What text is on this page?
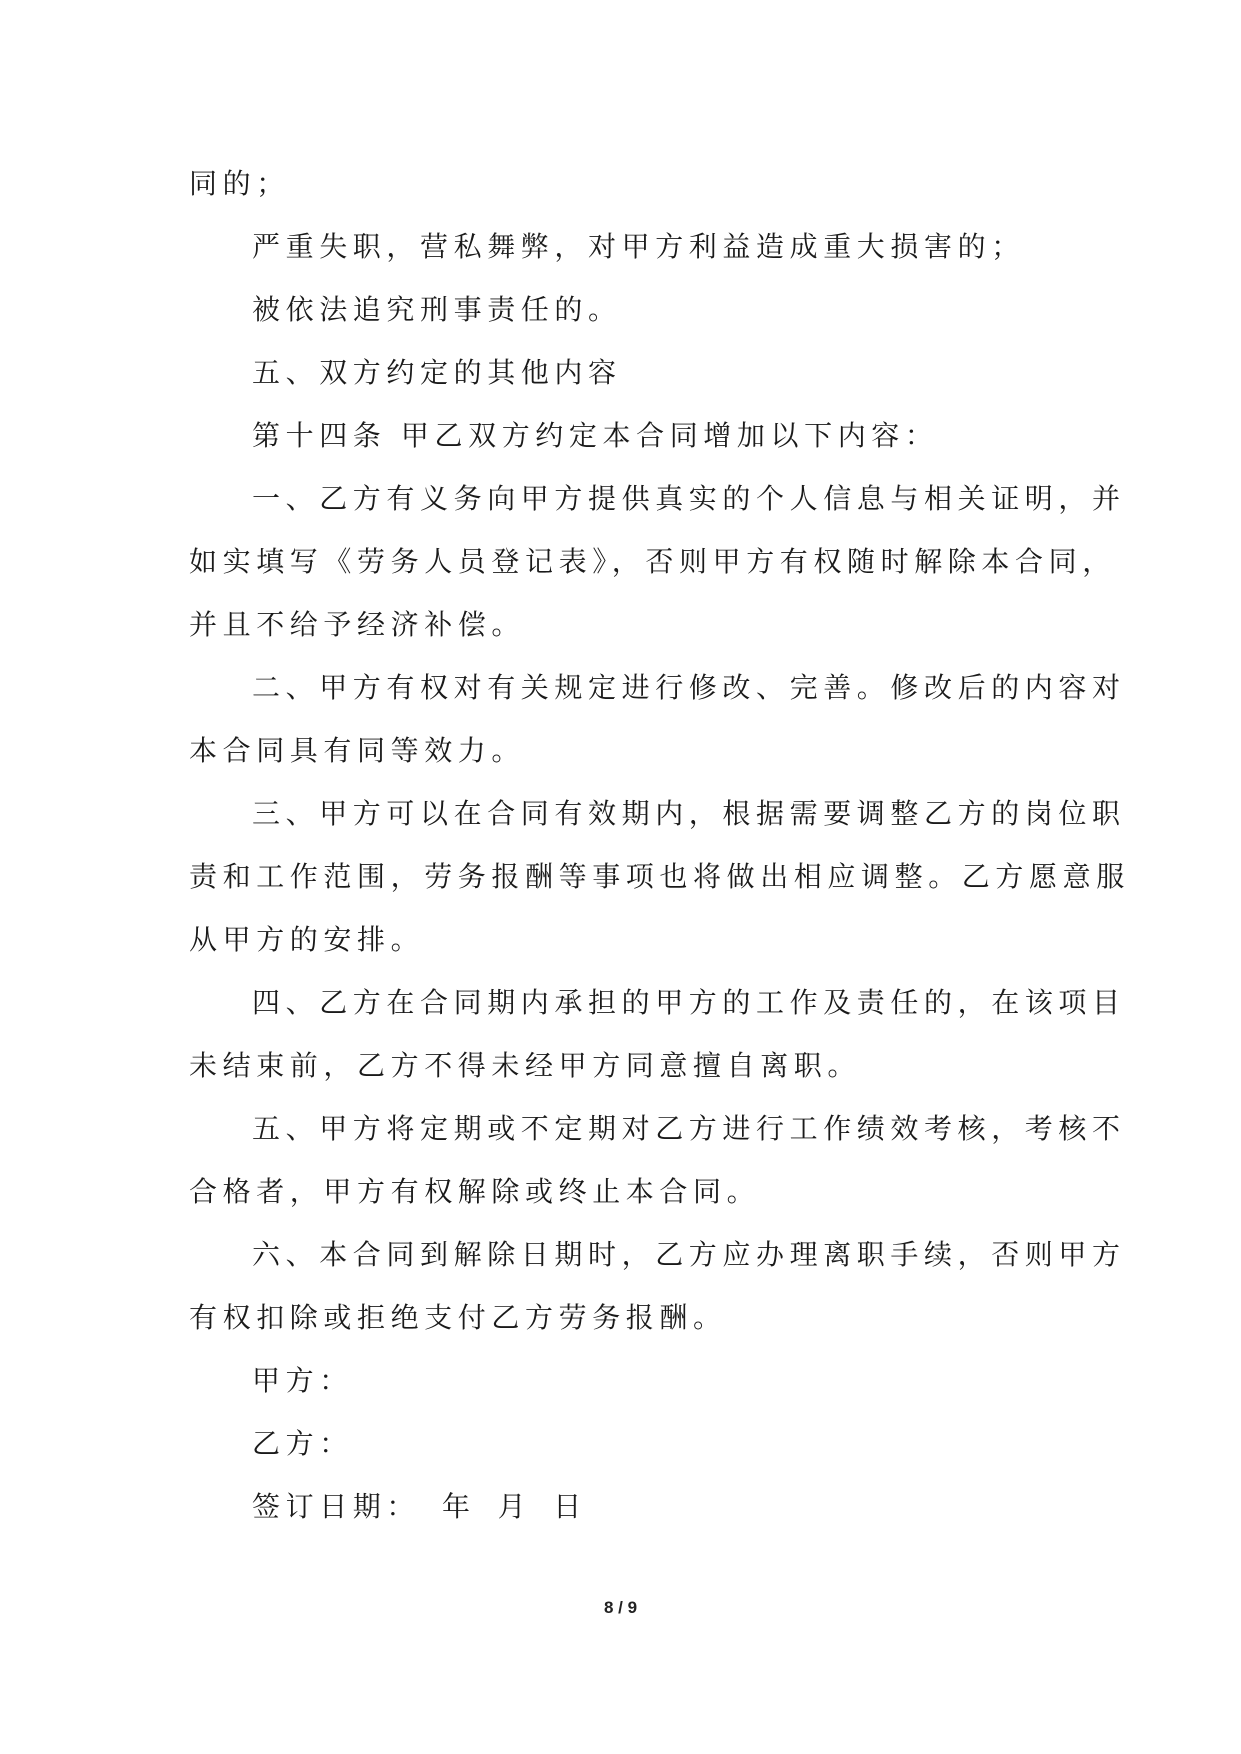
同的；

严重失职，营私舞弊，对甲方利益造成重大损害的；

被依法追究刑事责任的。

五、双方约定的其他内容

第十四条 甲乙双方约定本合同增加以下内容：

一、乙方有义务向甲方提供真实的个人信息与相关证明，并

如实填写《劳务人员登记表》，否则甲方有权随时解除本合同，

并且不给予经济补偿。

二、甲方有权对有关规定进行修改、完善。修改后的内容对

本合同具有同等效力。

三、甲方可以在合同有效期内，根据需要调整乙方的岗位职

责和工作范围，劳务报酬等事项也将做出相应调整。乙方愿意服

从甲方的安排。

四、乙方在合同期内承担的甲方的工作及责任的，在该项目

未结束前，乙方不得未经甲方同意擅自离职。

五、甲方将定期或不定期对乙方进行工作绩效考核，考核不

合格者，甲方有权解除或终止本合同。

六、本合同到解除日期时，乙方应办理离职手续，否则甲方

有权扣除或拒绝支付乙方劳务报酬。

甲方：

乙方：

签订日期： 年 月 日

8 / 9
